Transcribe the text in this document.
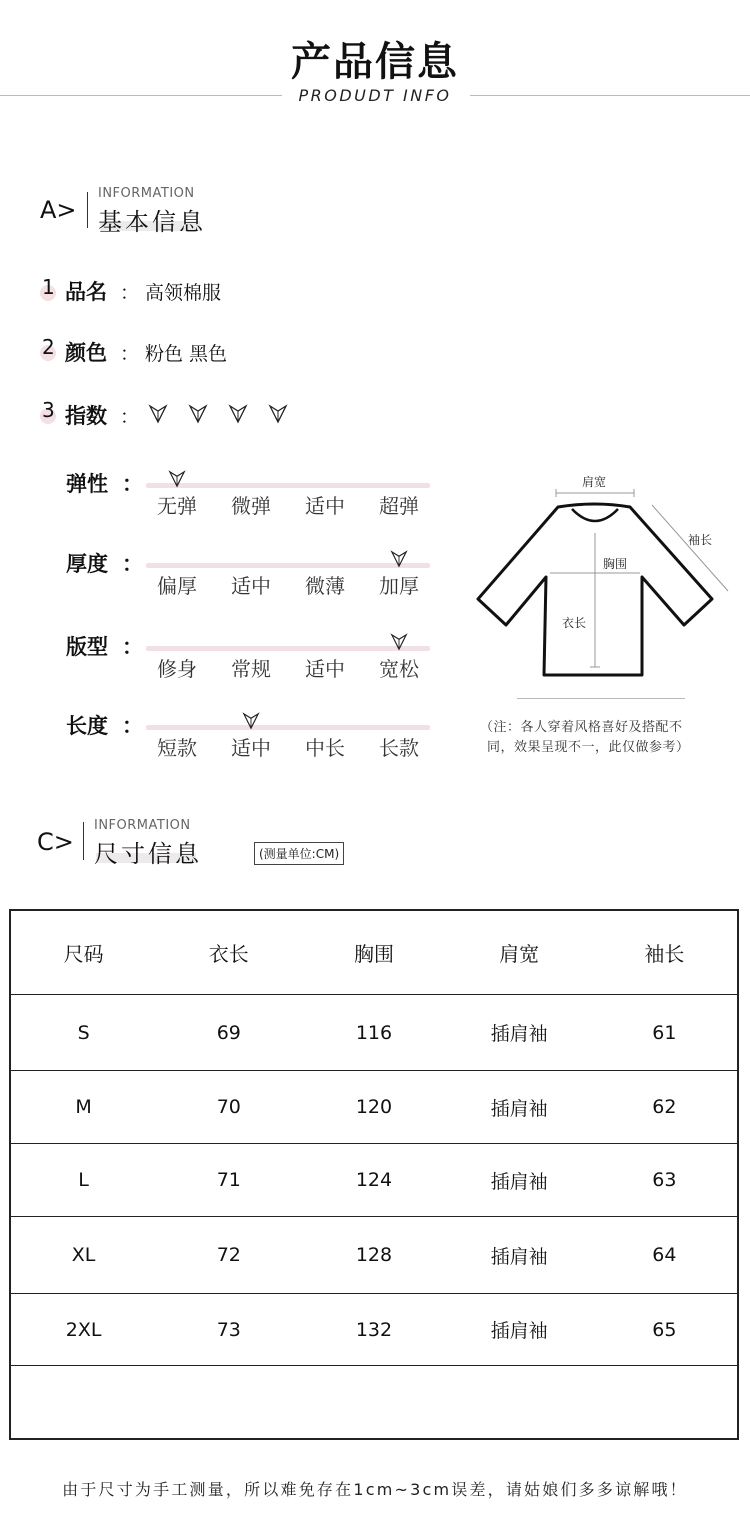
产品信息
PRODUDT INFO
A>
INFORMATION
基本信息
1 品名 ： 高领棉服
2 颜色 ： 粉色 黑色
3 指数 ：
弹性 ：
无弹	微弹	适中	超弹
厚度 ：
偏厚	适中	微薄	加厚
版型 ：
修身	常规	适中	宽松
长度 ：
短款	适中	中长	长款
肩宽
袖长
胸围
衣长
（注：各人穿着风格喜好及搭配不
同，效果呈现不一，此仅做参考）
C>
INFORMATION
尺寸信息	(测量单位:CM)
尺码	衣长	胸围	肩宽	袖长
S	69	116	插肩袖	61
M	70	120	插肩袖	62
L	71	124	插肩袖	63
XL	72	128	插肩袖	64
2XL	73	132	插肩袖	65
由于尺寸为手工测量，所以难免存在1cm~3cm误差，请姑娘们多多谅解哦！
